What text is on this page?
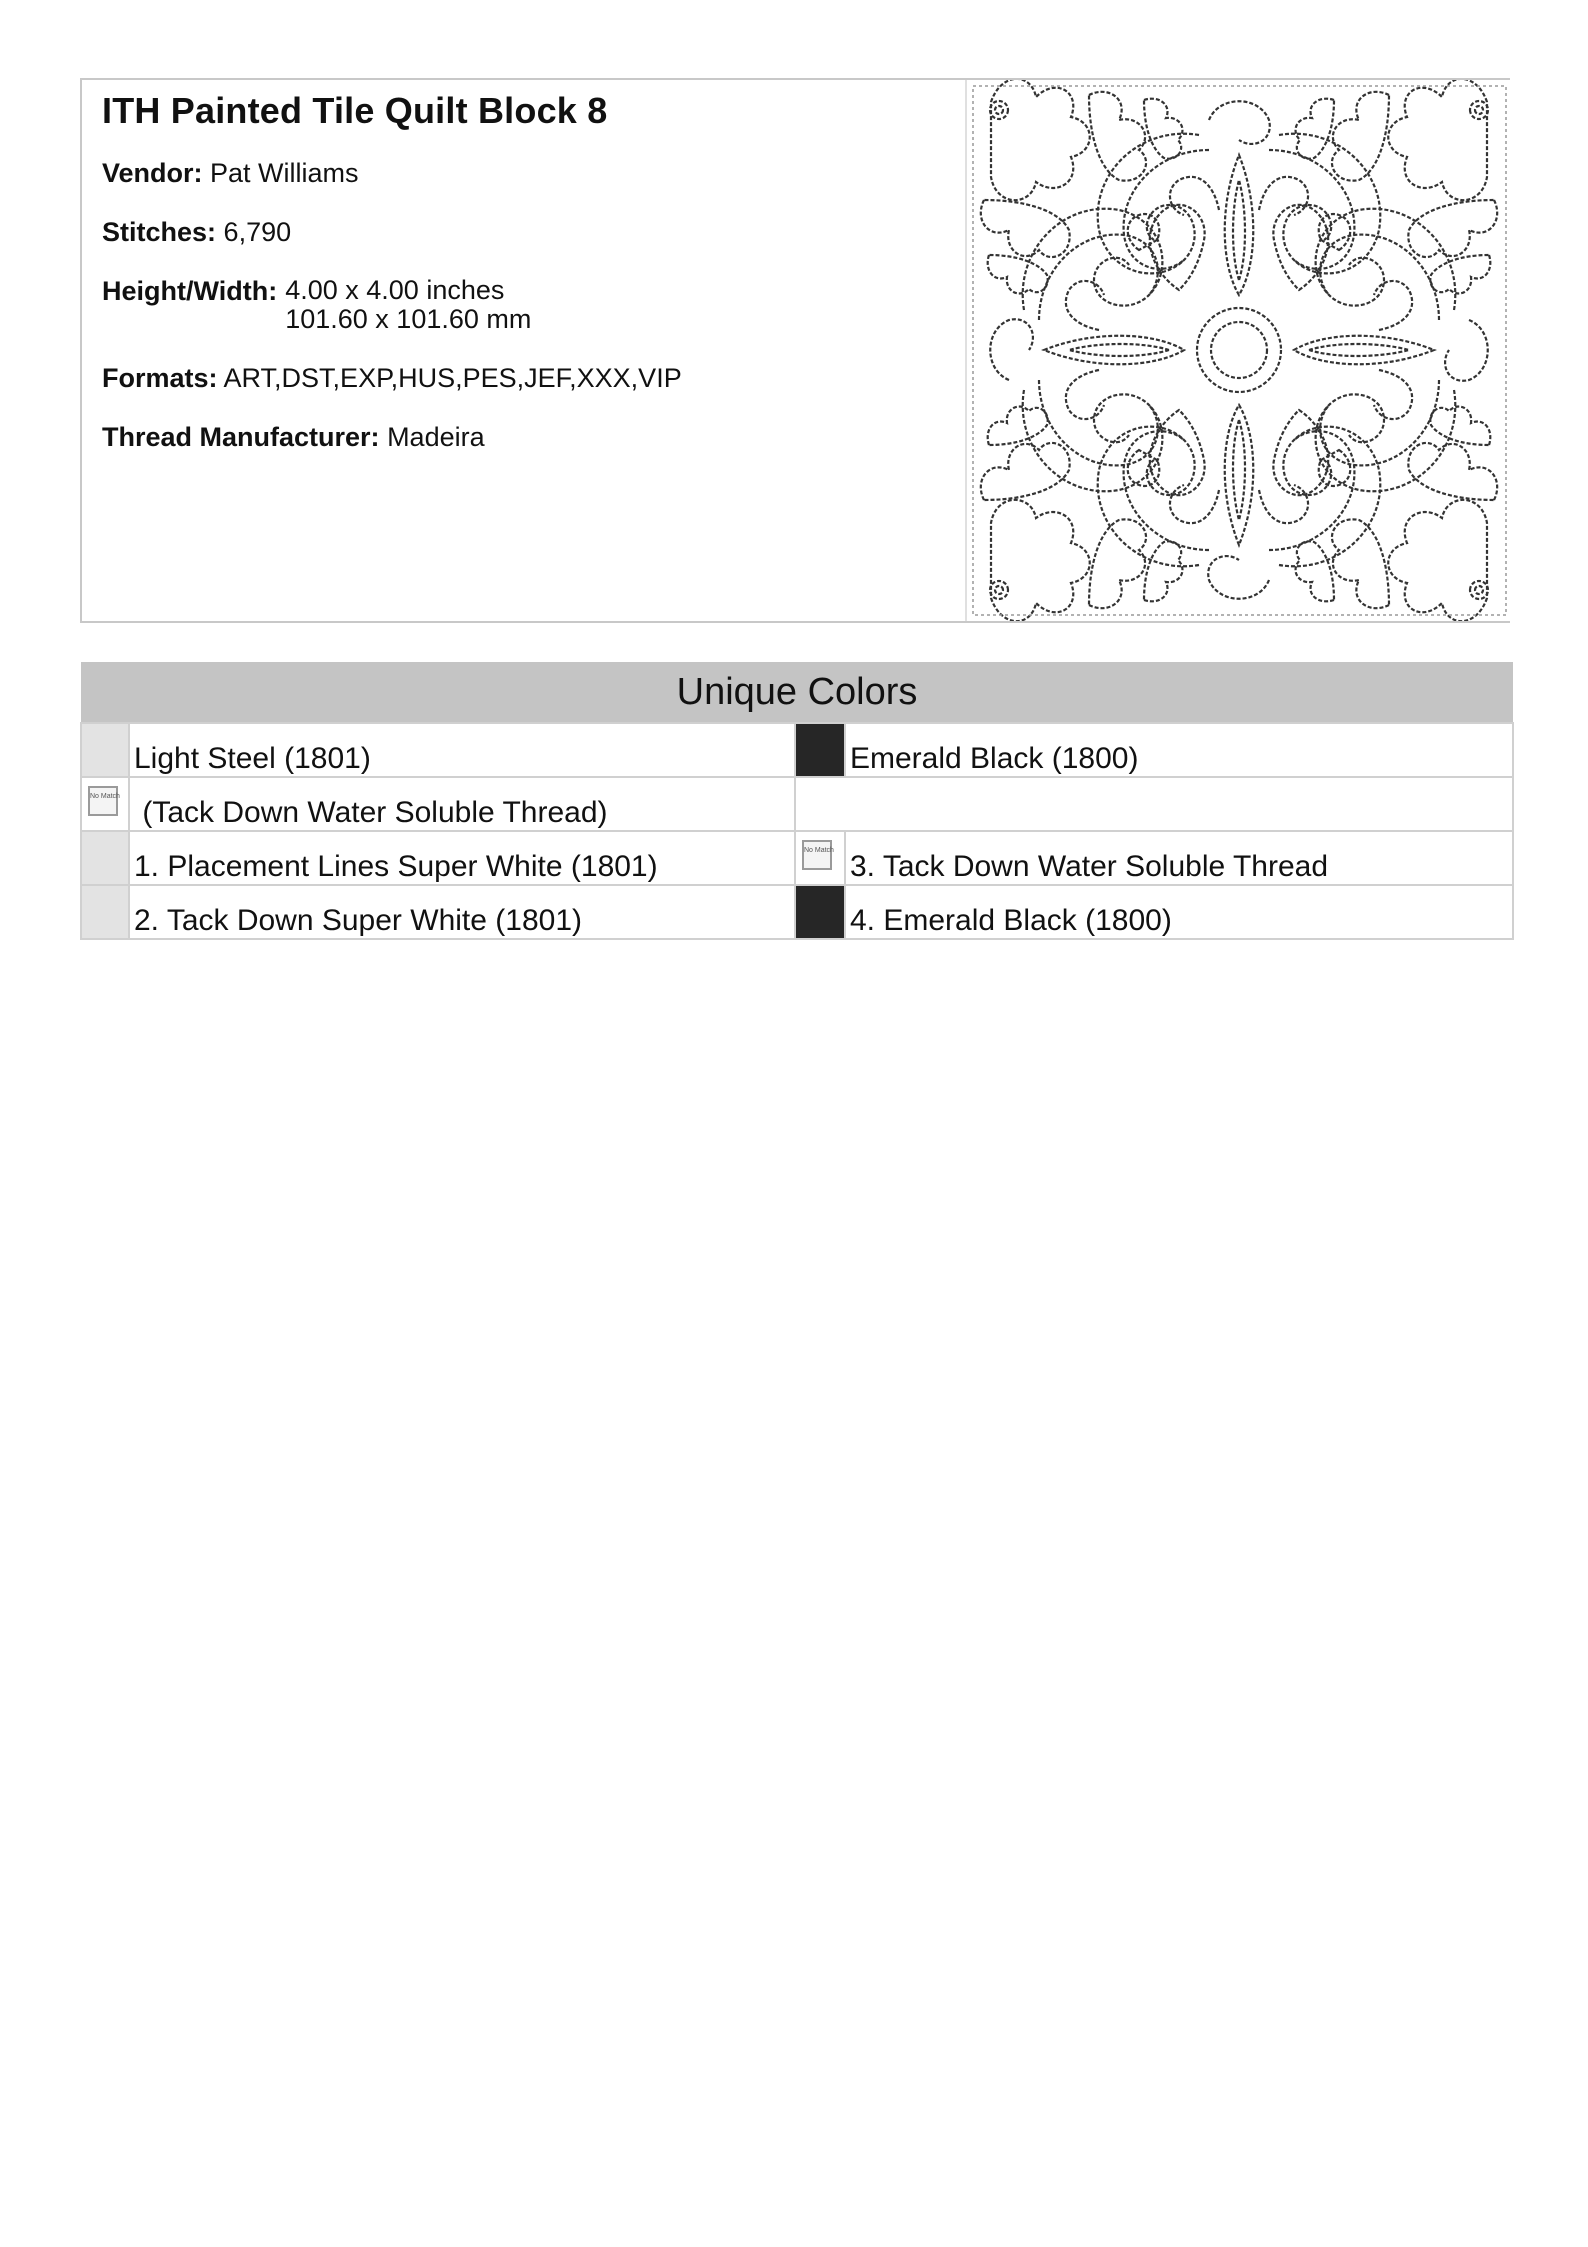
ITH Painted Tile Quilt Block 8
Vendor: Pat Williams
Stitches: 6,790
Height/Width: 4.00 x 4.00 inches
101.60 x 101.60 mm
Formats: ART,DST,EXP,HUS,PES,JEF,XXX,VIP
Thread Manufacturer: Madeira
Unique Colors			
	Light Steel (1801)		Emerald Black (1800)

No Match	(Tack Down Water Soluble Thread)		
	1. Placement Lines Super White (1801)	No Match	3. Tack Down Water Soluble Thread
	2. Tack Down Super White (1801)		4. Emerald Black (1800)
